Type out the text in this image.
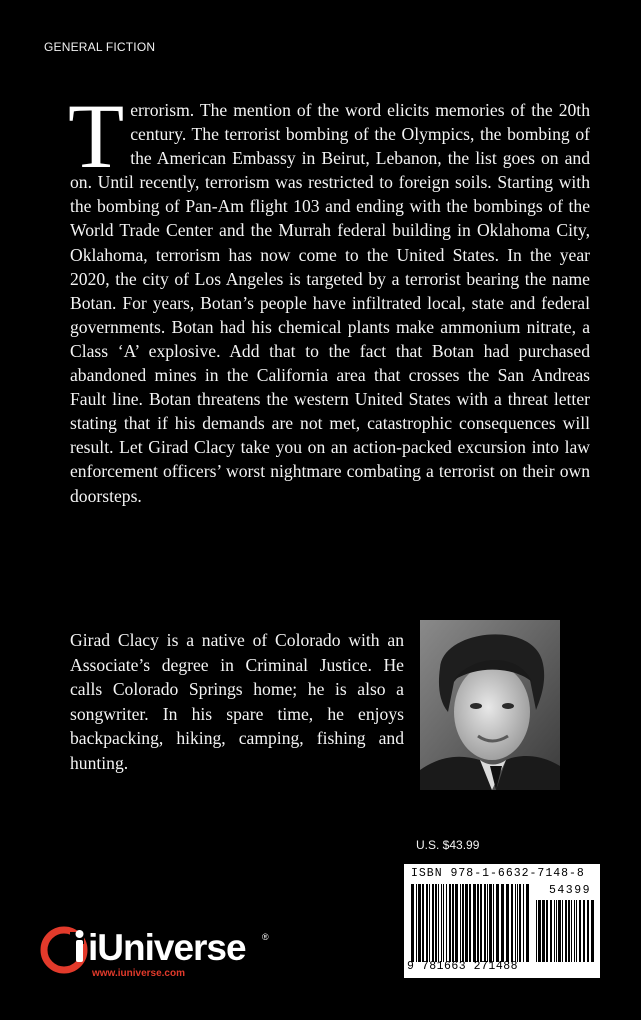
GENERAL FICTION

Terrorism. The mention of the word elicits memories of the 20th century. The terrorist bombing of the Olympics, the bombing of the American Embassy in Beirut, Lebanon, the list goes on and on. Until recently, terrorism was restricted to foreign soils. Starting with the bombing of Pan-Am flight 103 and ending with the bombings of the World Trade Center and the Murrah federal building in Oklahoma City, Oklahoma, terrorism has now come to the United States. In the year 2020, the city of Los Angeles is targeted by a terrorist bearing the name Botan. For years, Botan’s people have infiltrated local, state and federal governments. Botan had his chemical plants make ammonium nitrate, a Class ‘A’ explosive. Add that to the fact that Botan had purchased abandoned mines in the California area that crosses the San Andreas Fault line. Botan threatens the western United States with a threat letter stating that if his demands are not met, catastrophic consequences will result. Let Girad Clacy take you on an action-packed excursion into law enforcement officers’ worst nightmare combating a terrorist on their own doorsteps.

Girad Clacy is a native of Colorado with an Associate’s degree in Criminal Justice. He calls Colorado Springs home; he is also a songwriter. In his spare time, he enjoys backpacking, hiking, camping, fishing and hunting.

U.S. $43.99
ISBN 978-1-6632-7148-8
54399
9 781663 271488
iUniverse ®
www.iuniverse.com
